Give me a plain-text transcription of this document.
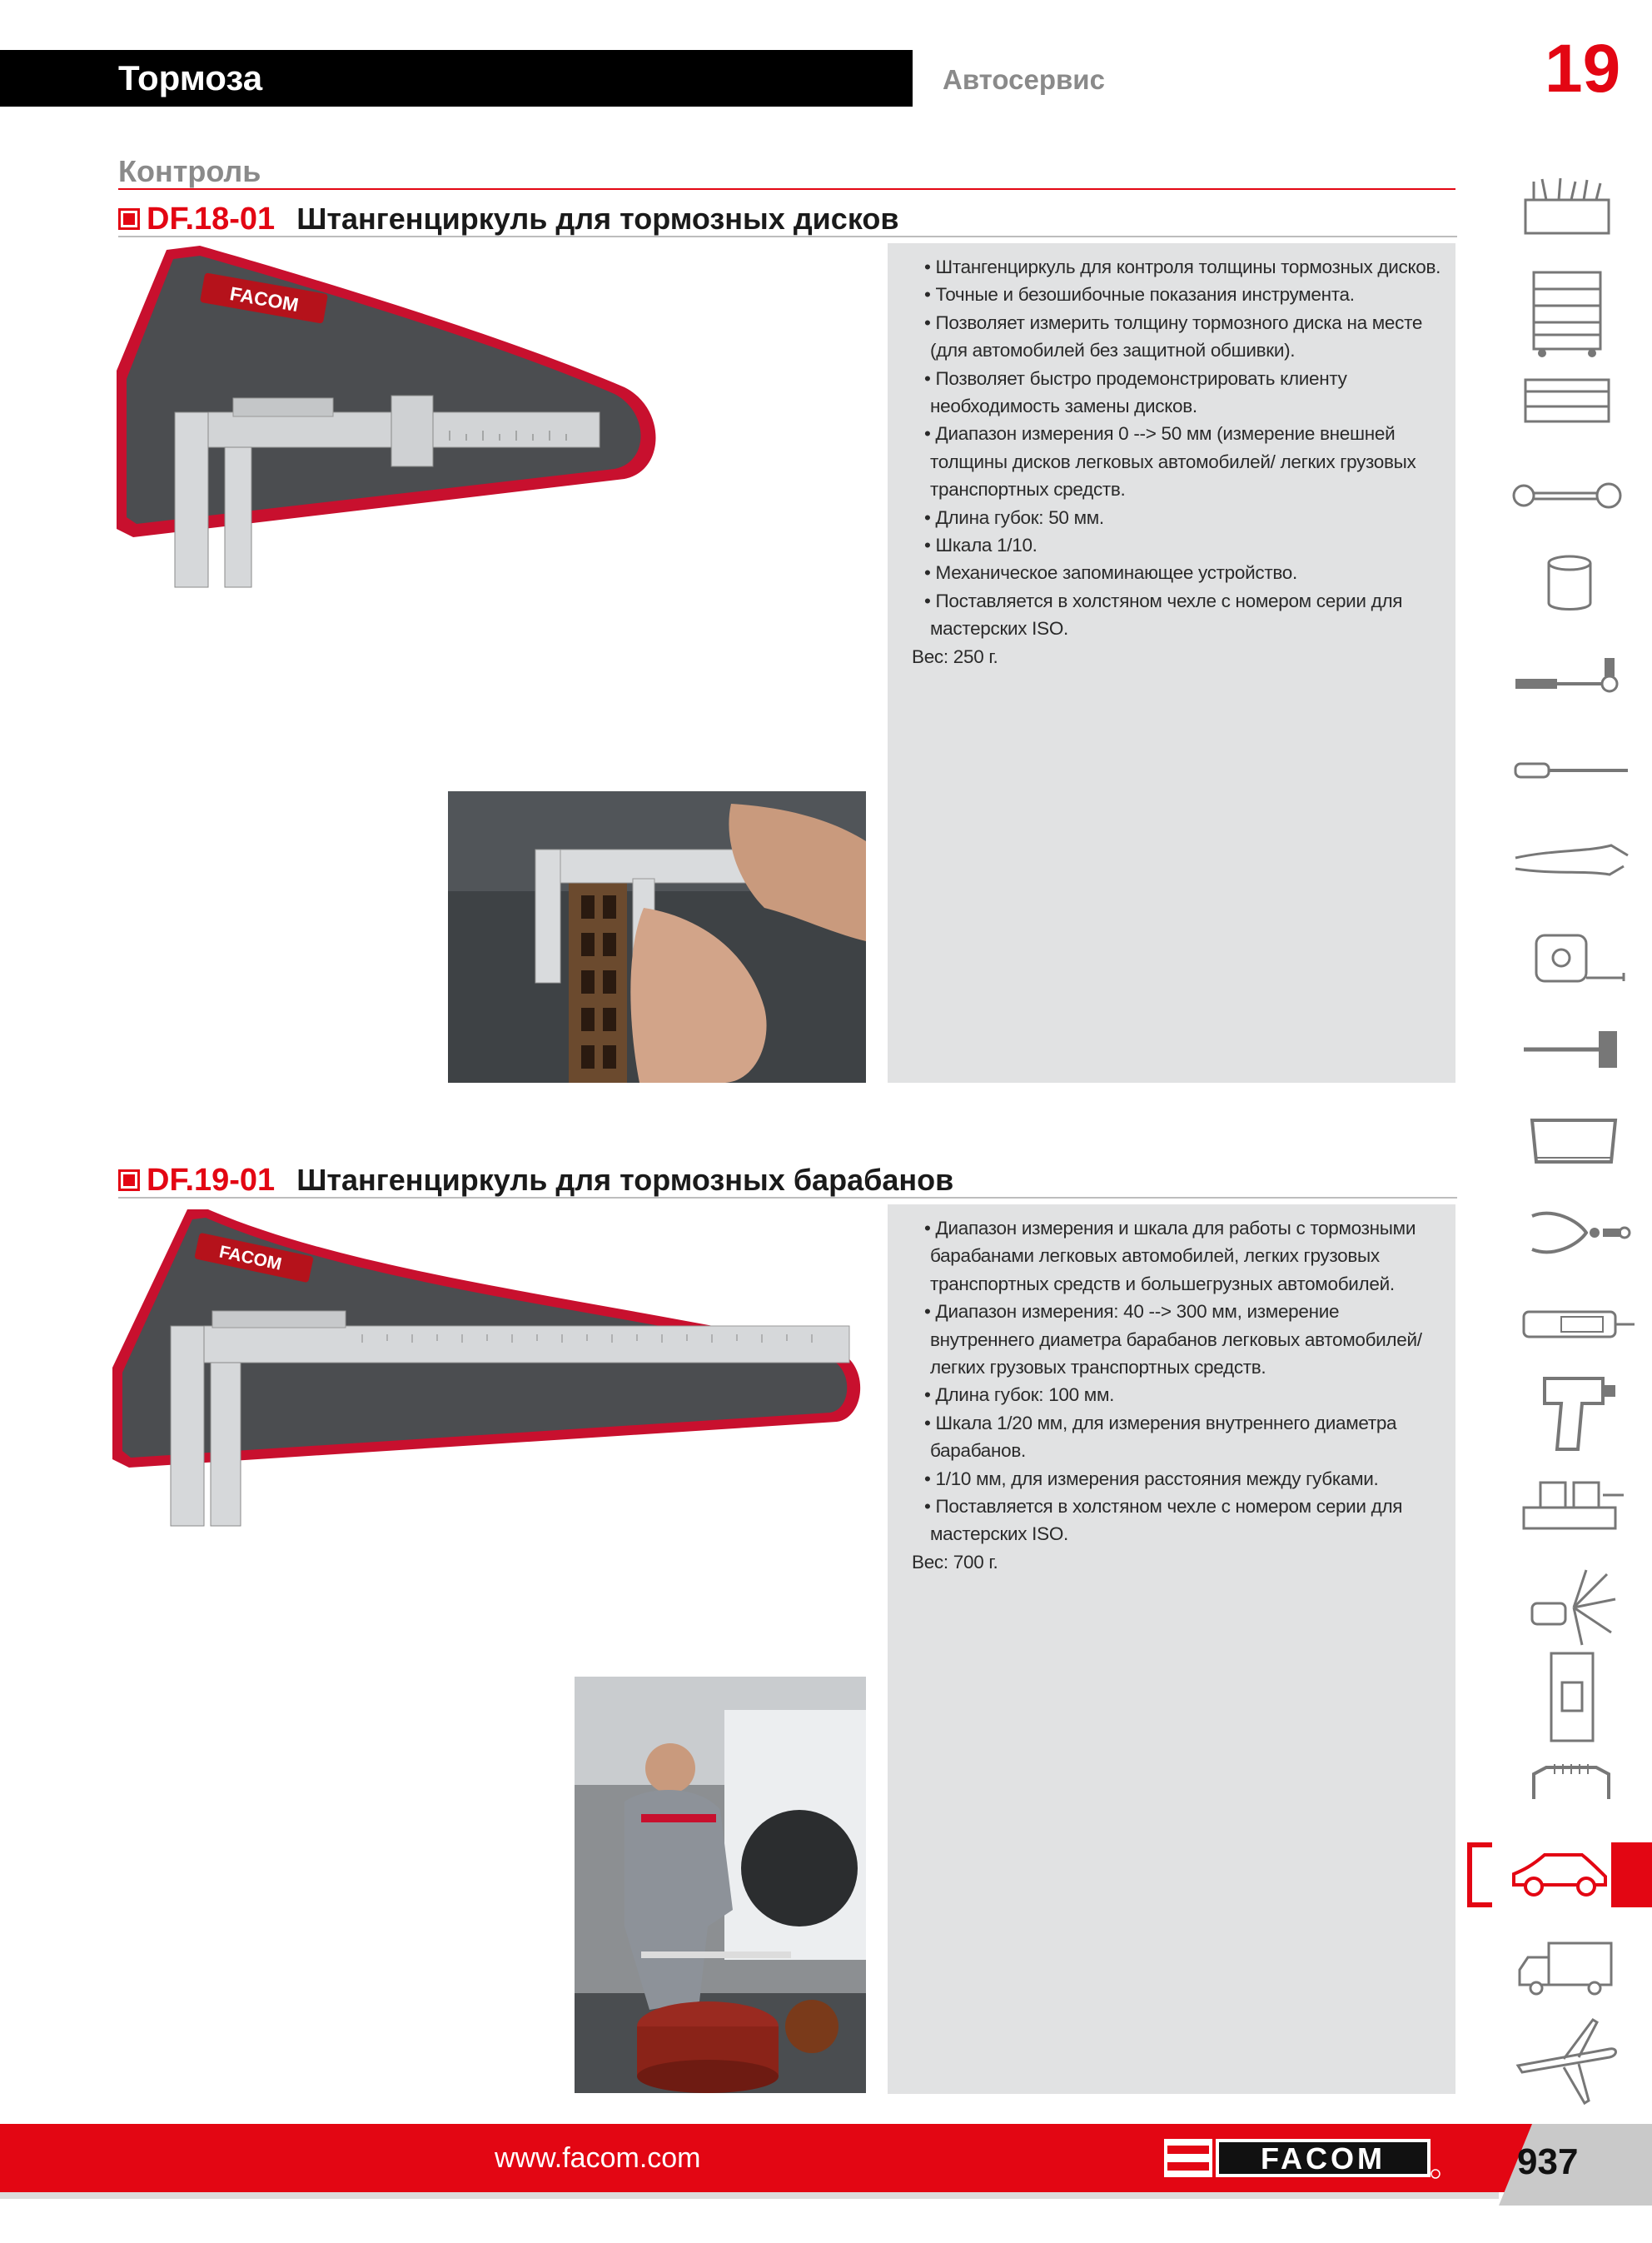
Тормоза	Автосервис	19
Контроль
DF.18-01 Штангенциркуль для тормозных дисков
• Штангенциркуль для контроля толщины тормозных дисков.
• Точные и безошибочные показания инструмента.
• Позволяет измерить толщину тормозного диска на месте
(для автомобилей без защитной обшивки).
• Позволяет быстро продемонстрировать клиенту
необходимость замены дисков.
• Диапазон измерения 0 --> 50 мм (измерение внешней
толщины дисков легковых автомобилей/ легких грузовых
транспортных средств.
• Длина губок: 50 мм.
• Шкала 1/10.
• Механическое запоминающее устройство.
• Поставляется в холстяном чехле с номером серии для
мастерских ISO.
Вес: 250 г.
FACOM
DF.19-01 Штангенциркуль для тормозных барабанов
• Диапазон измерения и шкала для работы с тормозными
барабанами легковых автомобилей, легких грузовых
транспортных средств и большегрузных автомобилей.
• Диапазон измерения: 40 --> 300 мм, измерение
внутреннего диаметра барабанов легковых автомобилей/
легких грузовых транспортных средств.
• Длина губок: 100 мм.
• Шкала 1/20 мм, для измерения внутреннего диаметра
барабанов.
• 1/10 мм, для измерения расстояния между губками.
• Поставляется в холстяном чехле с номером серии для
мастерских ISO.
Вес: 700 г.
FACOM
www.facom.com	FACOM	937
